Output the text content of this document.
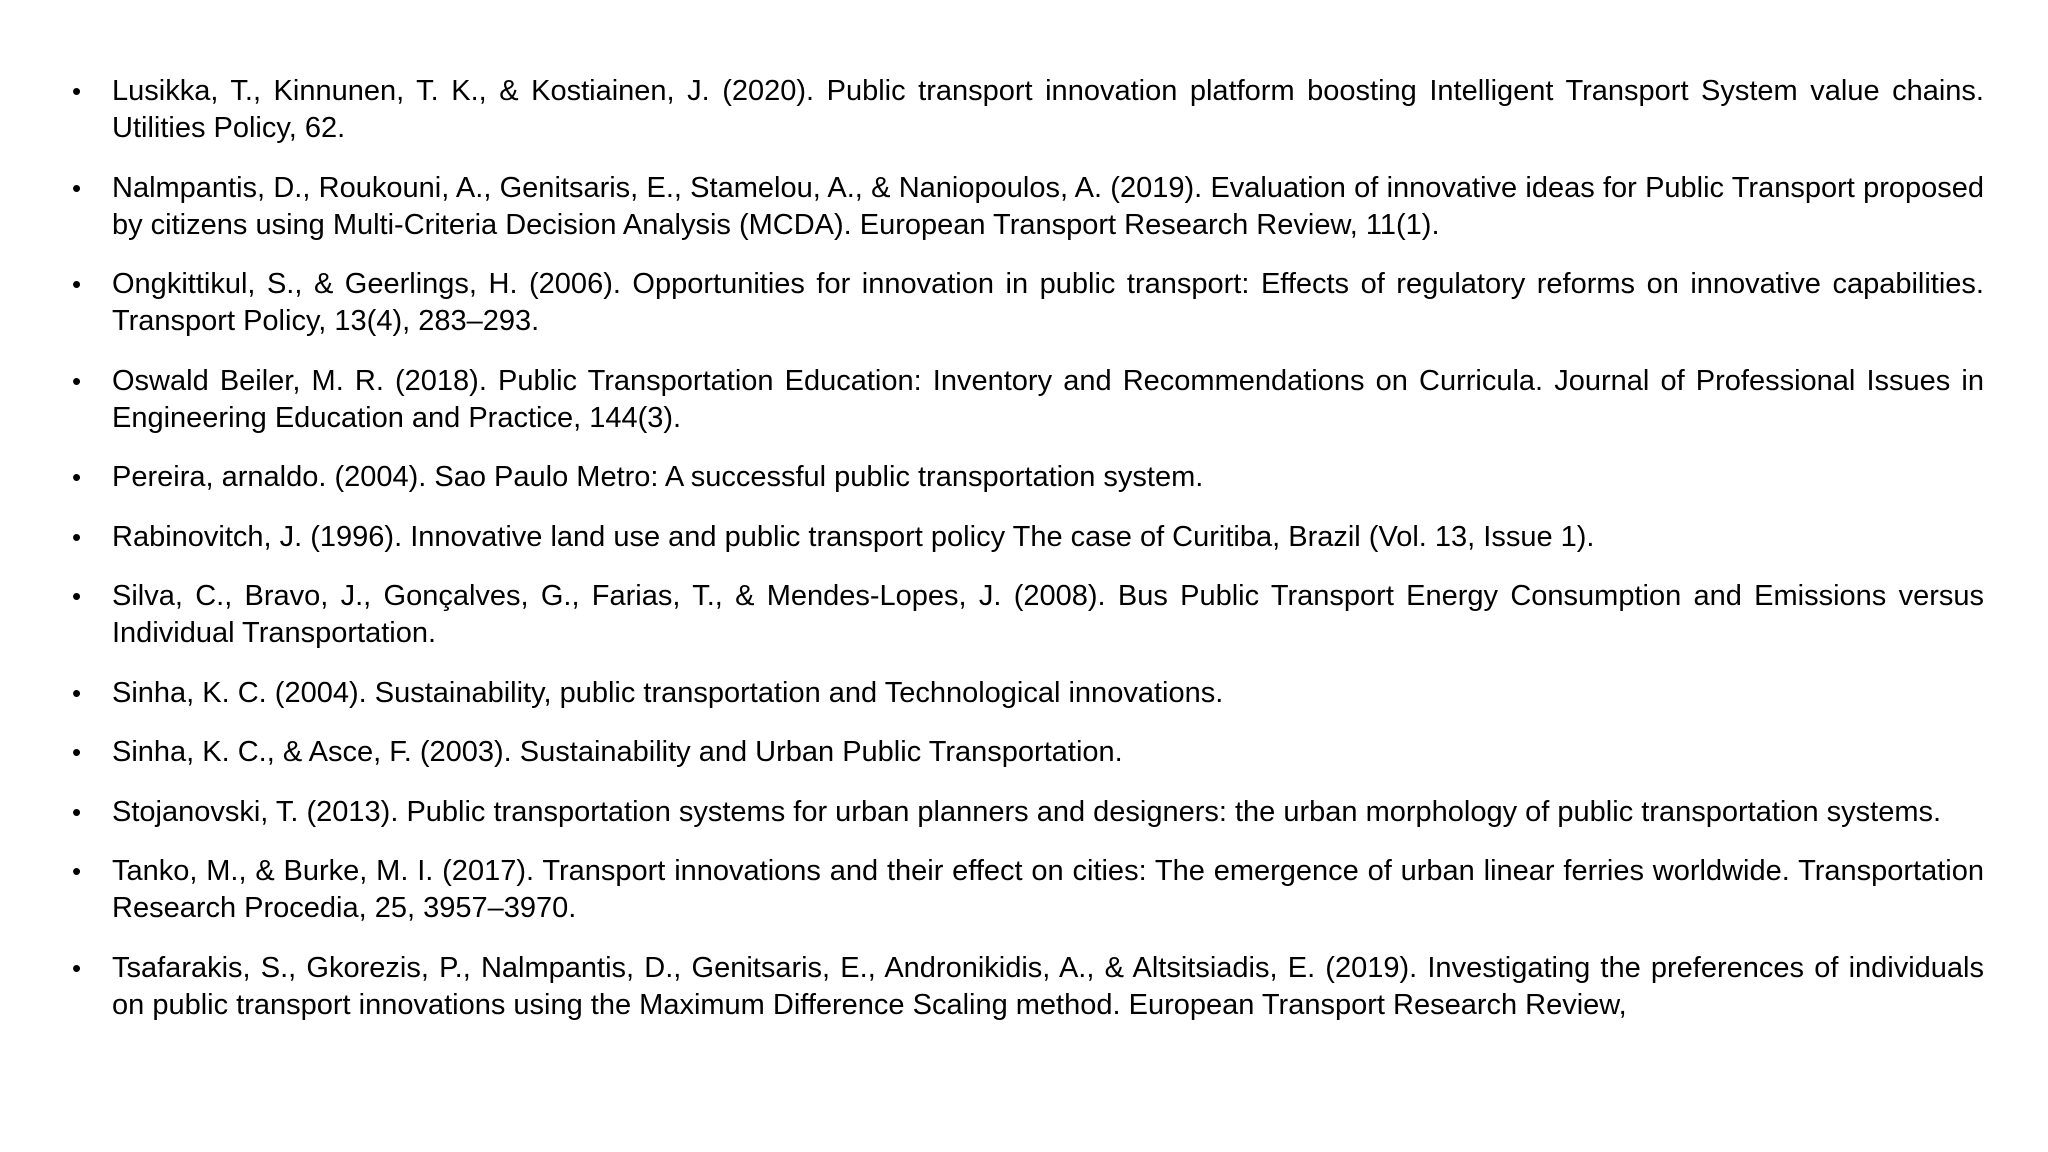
•	Lusikka, T., Kinnunen, T. K., & Kostiainen, J. (2020). Public transport innovation platform boosting Intelligent Transport System value chains. Utilities Policy, 62.
•	Nalmpantis, D., Roukouni, A., Genitsaris, E., Stamelou, A., & Naniopoulos, A. (2019). Evaluation of innovative ideas for Public Transport proposed by citizens using Multi-Criteria Decision Analysis (MCDA). European Transport Research Review, 11(1).
•	Ongkittikul, S., & Geerlings, H. (2006). Opportunities for innovation in public transport: Effects of regulatory reforms on innovative capabilities. Transport Policy, 13(4), 283–293.
•	Oswald Beiler, M. R. (2018). Public Transportation Education: Inventory and Recommendations on Curricula. Journal of Professional Issues in Engineering Education and Practice, 144(3).
•	Pereira, arnaldo. (2004). Sao Paulo Metro: A successful public transportation system.
•	Rabinovitch, J. (1996). Innovative land use and public transport policy The case of Curitiba, Brazil (Vol. 13, Issue 1).
•	Silva, C., Bravo, J., Gonçalves, G., Farias, T., & Mendes-Lopes, J. (2008). Bus Public Transport Energy Consumption and Emissions versus Individual Transportation.
•	Sinha, K. C. (2004). Sustainability, public transportation and Technological innovations.
•	Sinha, K. C., & Asce, F. (2003). Sustainability and Urban Public Transportation.
•	Stojanovski, T. (2013). Public transportation systems for urban planners and designers: the urban morphology of public transportation systems.
•	Tanko, M., & Burke, M. I. (2017). Transport innovations and their effect on cities: The emergence of urban linear ferries worldwide. Transportation Research Procedia, 25, 3957–3970.
•	Tsafarakis, S., Gkorezis, P., Nalmpantis, D., Genitsaris, E., Andronikidis, A., & Altsitsiadis, E. (2019). Investigating the preferences of individuals on public transport innovations using the Maximum Difference Scaling method. European Transport Research Review,
